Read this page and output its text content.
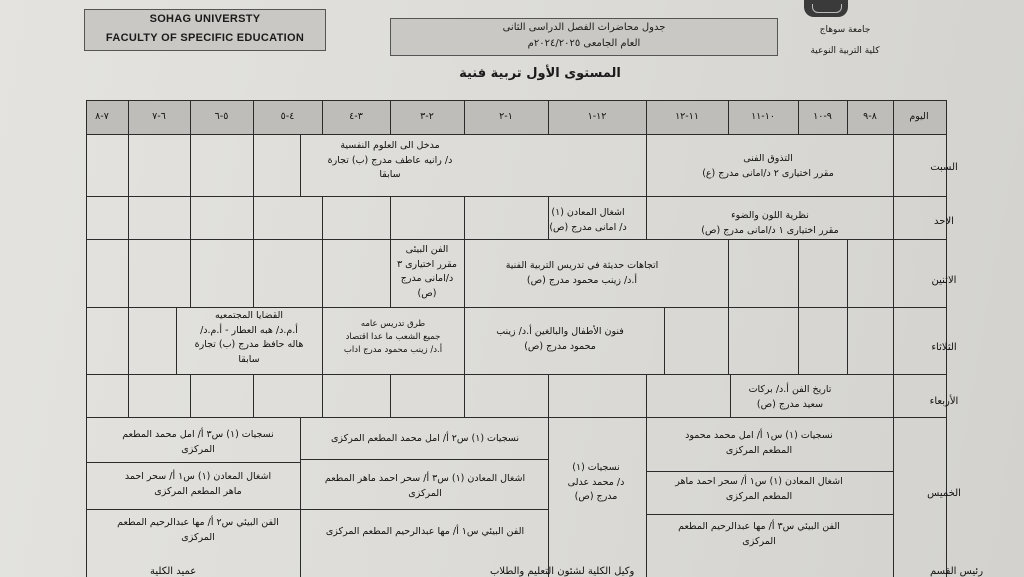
SOHAG UNIVERSTY
FACULTY OF SPECIFIC EDUCATION
جدول محاضرات الفصل الدراسى الثانى
العام الجامعى ٢٠٢٤/٢٠٢٥م
جامعة سوهاج
كلية التربية النوعية
المستوى الأول تربية فنية
اليوم
٨-٩
٩-١٠
١٠-١١
١١-١٢
١٢-١
١-٢
٢-٣
٣-٤
٤-٥
٥-٦
٦-٧
٧-٨
السبت
الاحد
الاثنين
الثلاثاء
الأربعاء
الخميس
التذوق الفنى
مقرر اختيارى ٢ د/امانى مدرج (ع)
مدخل الى العلوم النفسية
د/ رانيه عاطف مدرج (ب) تجارة
سابقا
نظرية اللون والضوء
مقرر اختيارى ١ د/امانى مدرج (ص)
اشغال المعادن (١)
د/ امانى مدرج (ص)
اتجاهات حديثة في تدريس التربية الفنية
أ.د/ زينب محمود مدرج (ص)
الفن البيئى
مقرر اختيارى ٣
د/امانى مدرج
(ص)
فنون الأطفال والبالغين أ.د/ زينب
محمود مدرج (ص)
طرق تدريس عامه
جميع الشعب ما عدا اقتصاد
أ.د/ زينب محمود مدرج اداب
القضايا المجتمعيه
أ.م.د/ هبه العطار - أ.م.د/
هاله حافظ مدرج (ب) تجارة
سابقا
تاريخ الفن أ.د/ بركات
سعيد مدرج (ص)
نسجيات (١) س١ أ/ امل محمد محمود
المطعم المركزى
اشغال المعادن (١) س١ أ/ سحر احمد ماهر
المطعم المركزى
الفن البيئي س٣ أ/ مها عبدالرحيم المطعم
المركزى
نسجيات (١)
د/ محمد عدلى
مدرج (ص)
نسجيات (١) س٢ أ/ امل محمد المطعم المركزى
اشغال المعادن (١) س٣ أ/ سحر احمد ماهر المطعم
المركزى
الفن البيئي س١ أ/ مها عبدالرحيم المطعم المركزى
نسجيات (١) س٣ أ/ امل محمد المطعم
المركزى
اشغال المعادن (١) س١ أ/ سحر احمد
ماهر المطعم المركزى
الفن البيئي س٢ أ/ مها عبدالرحيم المطعم
المركزى
عميد الكلية	وكيل الكلية لشئون التعليم والطلاب	رئيس القسم
